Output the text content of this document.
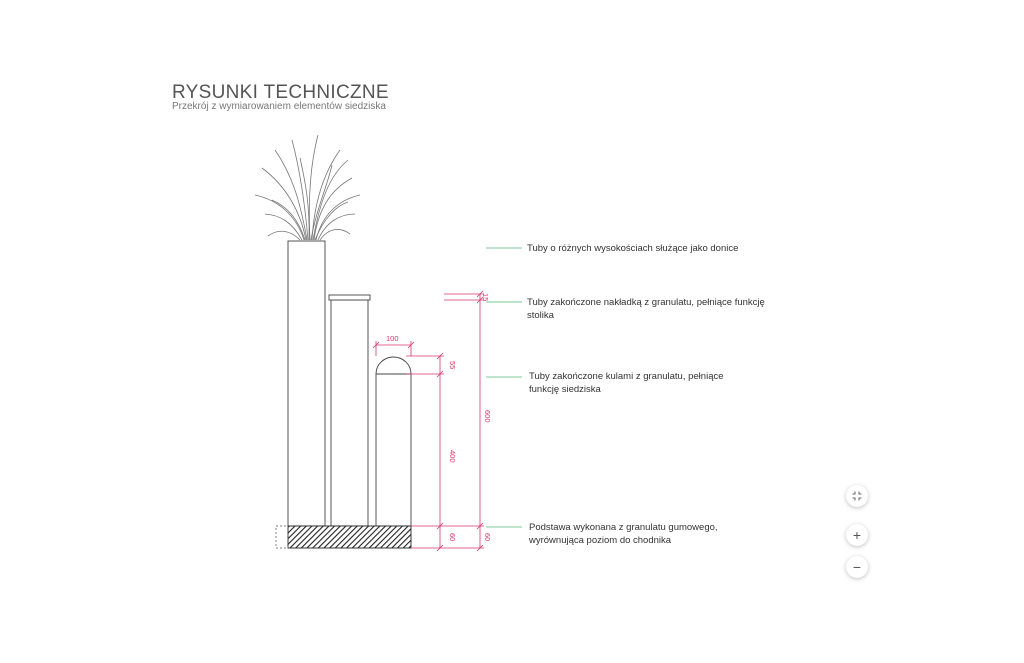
RYSUNKI TECHNICZNE
Przekrój z wymiarowaniem elementów siedziska
100
55
400
60
15
600
60
Tuby o różnych wysokościach służące jako donice
Tuby zakończone nakładką z granulatu, pełniące funkcję
stolika
Tuby zakończone kulami z granulatu, pełniące
funkcję siedziska
Podstawa wykonana z granulatu gumowego,
wyrównująca poziom do chodnika	+
−
